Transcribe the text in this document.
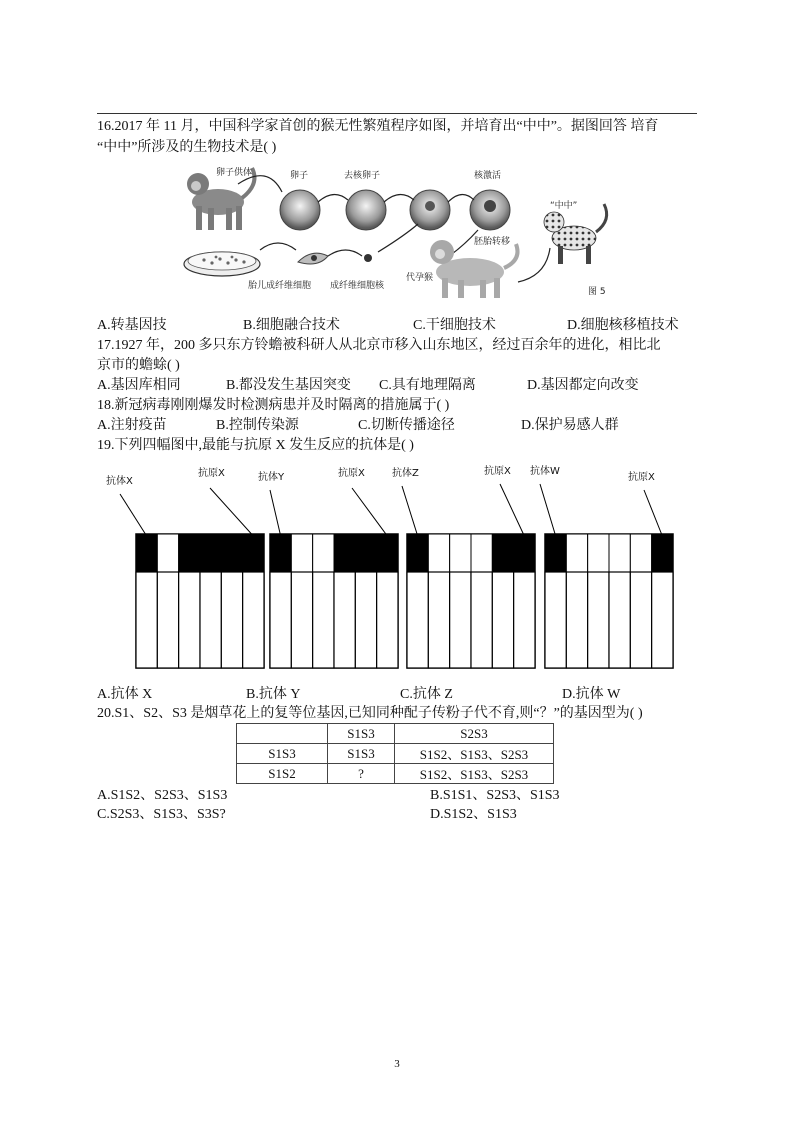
16.2017 年 11 月，中国科学家首创的猴无性繁殖程序如图，并培育出“中中”。据图回答 培育
“中中”所涉及的生物技术是( )
卵子供体	卵子	去核卵子	核激活
“中中”
胚胎转移
代孕猴
胎儿成纤维细胞 成纤维细胞核
图 5
A.转基因技	B.细胞融合技术	C.干细胞技术	D.细胞核移植技术
17.1927 年，200 多只东方铃蟾被科研人从北京市移入山东地区，经过百余年的进化，相比北
京市的蟾蜍( )
A.基因库相同	B.都没发生基因突变 C.具有地理隔离	D.基因都定向改变
18.新冠病毒刚刚爆发时检测病患并及时隔离的措施属于( )
A.注射疫苗	B.控制传染源	C.切断传播途径	D.保护易感人群
19.下列四幅图中,最能与抗原 X 发生反应的抗体是( )
抗体X
抗原X	抗体Y	抗原X	抗体Z	抗原X 抗体W
抗原X
A.抗体 X	B.抗体 Y	C.抗体 Z	D.抗体 W
20.S1、S2、S3 是烟草花上的复等位基因,已知同种配子传粉子代不育,则“？”的基因型为( )
	S1S3	S2S3
S1S3	S1S3	S1S2、S1S3、S2S3
S1S2	?	S1S2、S1S3、S2S3
A.S1S2、S2S3、S1S3	B.S1S1、S2S3、S1S3
C.S2S3、S1S3、S3S?	D.S1S2、S1S3
3
